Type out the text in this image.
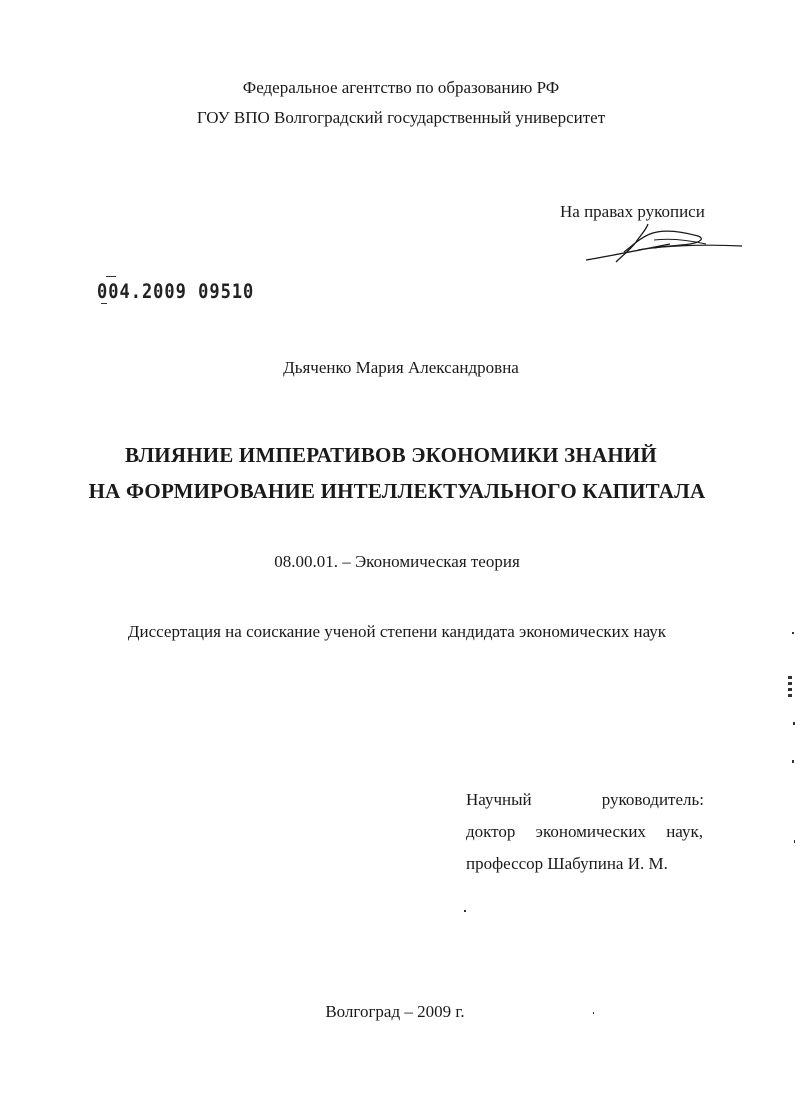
Федеральное агентство по образованию РФ
ГОУ ВПО Волгоградский государственный университет
На правах рукописи
004.2009 09510
Дьяченко Мария Александровна
ВЛИЯНИЕ ИМПЕРАТИВОВ ЭКОНОМИКИ ЗНАНИЙ
НА ФОРМИРОВАНИЕ ИНТЕЛЛЕКТУАЛЬНОГО КАПИТАЛА
08.00.01. – Экономическая теория
Диссертация на соискание ученой степени кандидата экономических наук
Научный	руководитель:
доктор экономических наук,
профессор Шабупина И. М.
Волгоград – 2009 г.
